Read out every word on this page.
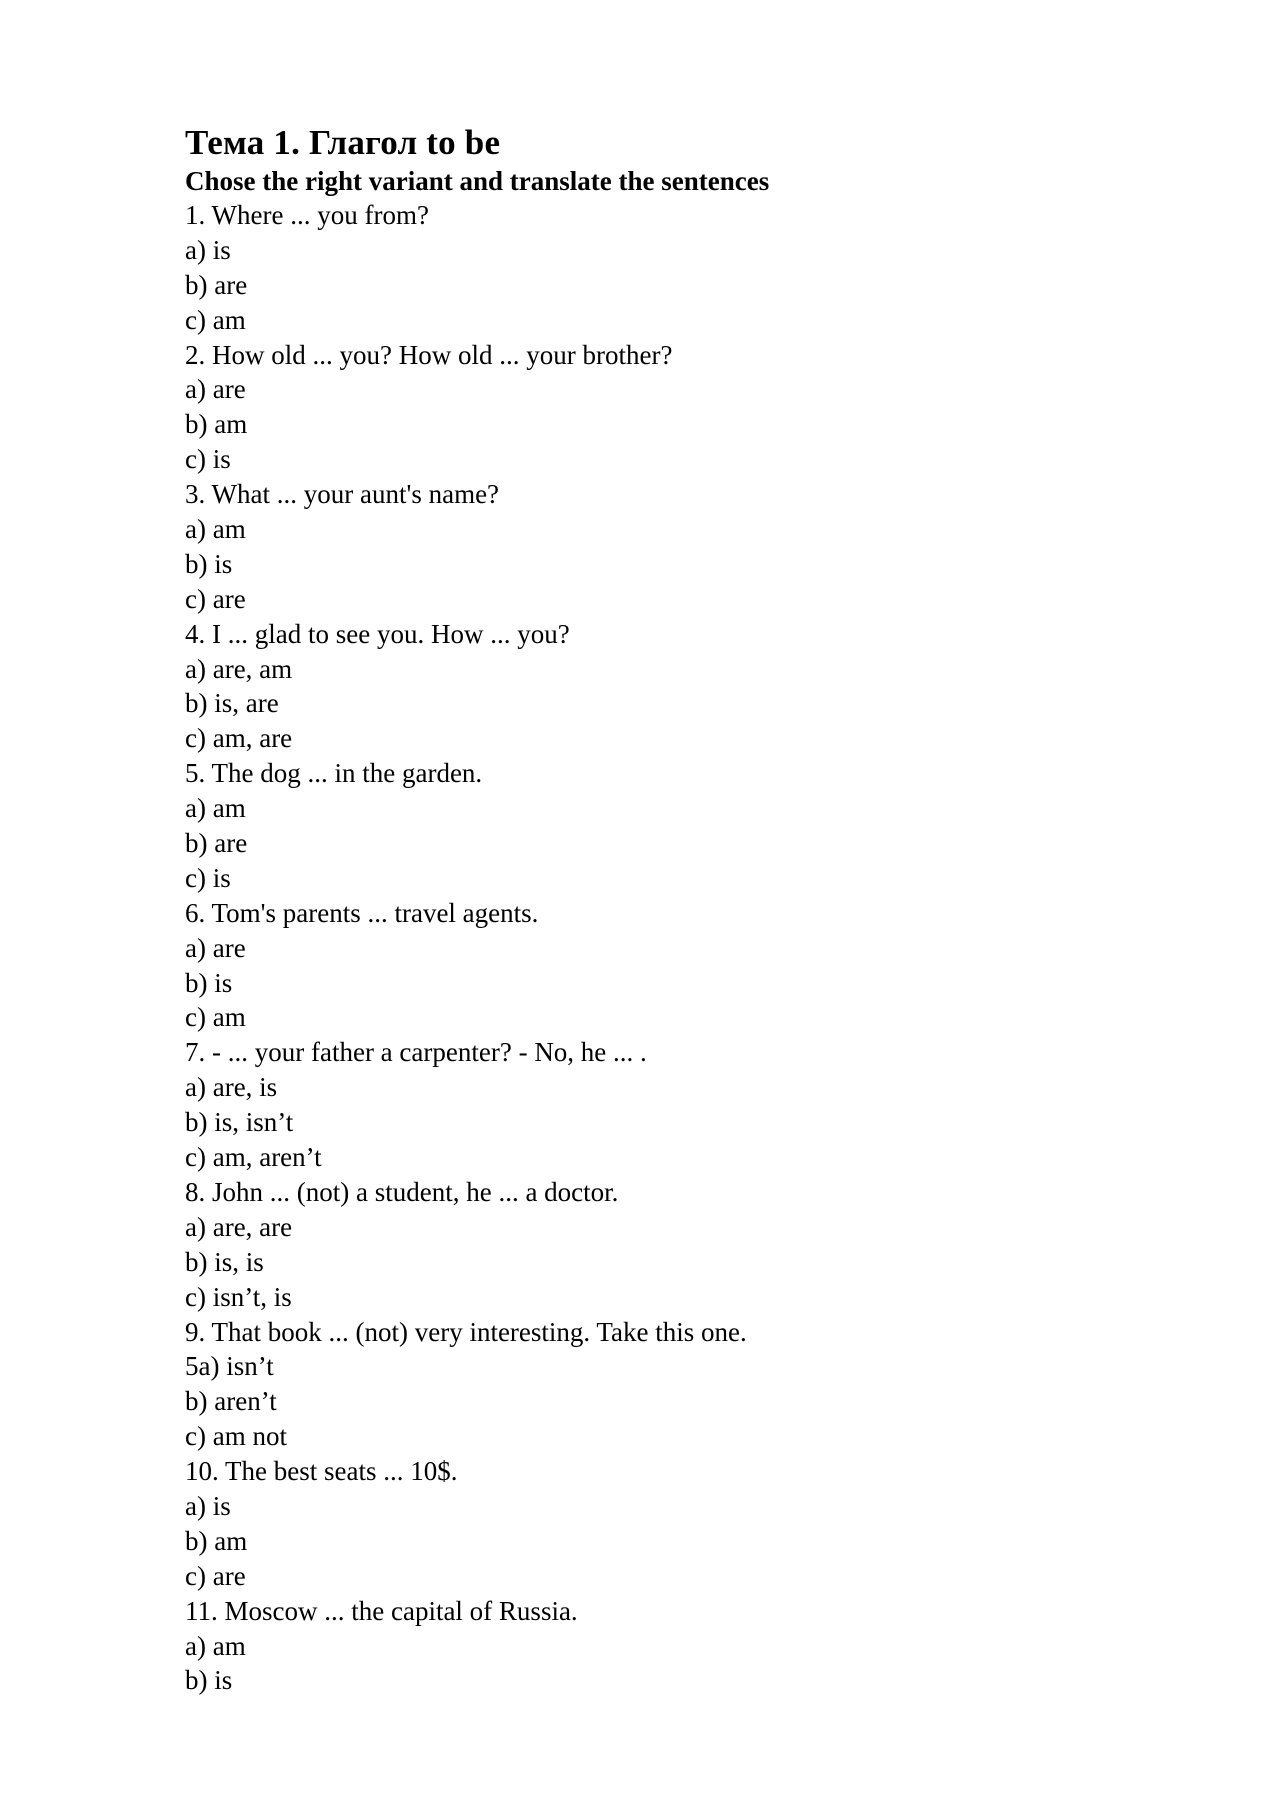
Тема 1. Глагол to be

Chose the right variant and translate the sentences

1. Where ... you from?
a) is
b) are
c) am
2. How old ... you? How old ... your brother?
a) are
b) am
c) is
3. What ... your aunt's name?
a) am
b) is
c) are
4. I ... glad to see you. How ... you?
a) are, am
b) is, are
c) am, are
5. The dog ... in the garden.
a) am
b) are
c) is
6. Tom's parents ... travel agents.
a) are
b) is
c) am
7. - ... your father a carpenter? - No, he ... .
a) are, is
b) is, isn’t
c) am, aren’t
8. John ... (not) a student, he ... a doctor.
a) are, are
b) is, is
c) isn’t, is
9. That book ... (not) very interesting. Take this one.
5a) isn’t
b) aren’t
c) am not
10. The best seats ... 10$.
a) is
b) am
c) are
11. Moscow ... the capital of Russia.
a) am
b) is
